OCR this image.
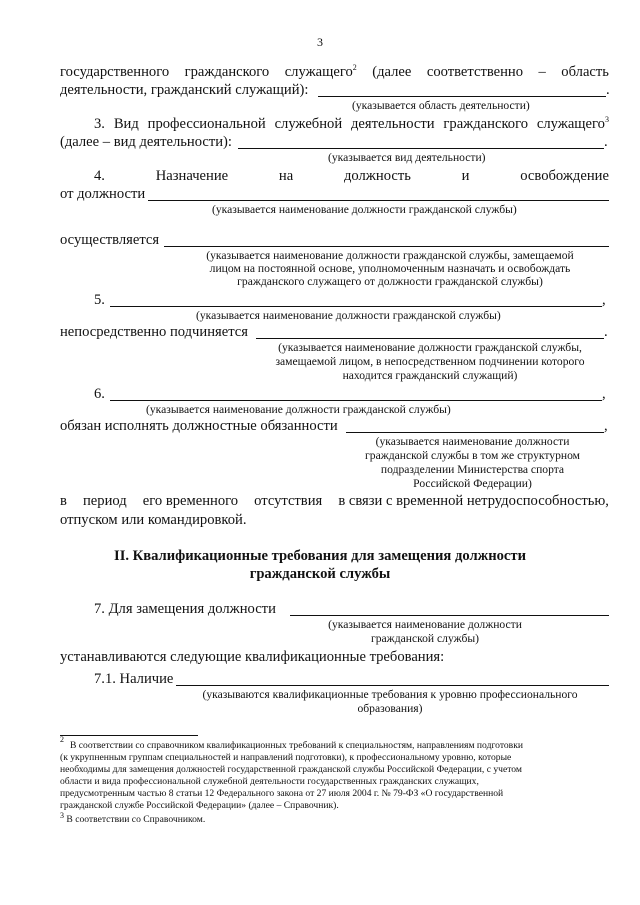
3
государственного гражданского служащего$^2$ (далее соответственно – область
деятельности, гражданский служащий):	.
(указывается область деятельности)
3. Вид профессиональной служебной деятельности гражданского служащего$^3$
(далее – вид деятельности):	.
(указывается вид деятельности)
4.	Назначение	на	должность	и	освобождение
от должности
(указывается наименование должности гражданской службы)
осуществляется
(указывается наименование должности гражданской службы, замещаемой
лицом на постоянной основе, уполномоченным назначать и освобождать
гражданского служащего от должности гражданской службы)
5.	,
(указывается наименование должности гражданской службы)
непосредственно подчиняется	.
(указывается наименование должности гражданской службы,
замещаемой лицом, в непосредственном подчинении которого
находится гражданский служащий)
6.	,
(указывается наименование должности гражданской службы)
обязан исполнять должностные обязанности	,
(указывается наименование должности
гражданской службы в том же структурном
подразделении Министерства спорта
Российской Федерации)
в период его временного отсутствия в связи с временной нетрудоспособностью,
отпуском или командировкой.
II. Квалификационные требования для замещения должности
гражданской службы
7. Для замещения должности
(указывается наименование должности
гражданской службы)
устанавливаются следующие квалификационные требования:
7.1. Наличие
(указываются квалификационные требования к уровню профессионального
образования)
2
В соответствии со справочником квалификационных требований к специальностям, направлениям подготовки
(к укрупненным группам специальностей и направлений подготовки), к профессиональному уровню, которые
необходимы для замещения должностей государственной гражданской службы Российской Федерации, с учетом
области и вида профессиональной служебной деятельности государственных гражданских служащих,
предусмотренным частью 8 статьи 12 Федерального закона от 27 июля 2004 г. № 79-ФЗ «О государственной
гражданской службе Российской Федерации» (далее – Справочник).
$^3$ В соответствии со Справочником.
